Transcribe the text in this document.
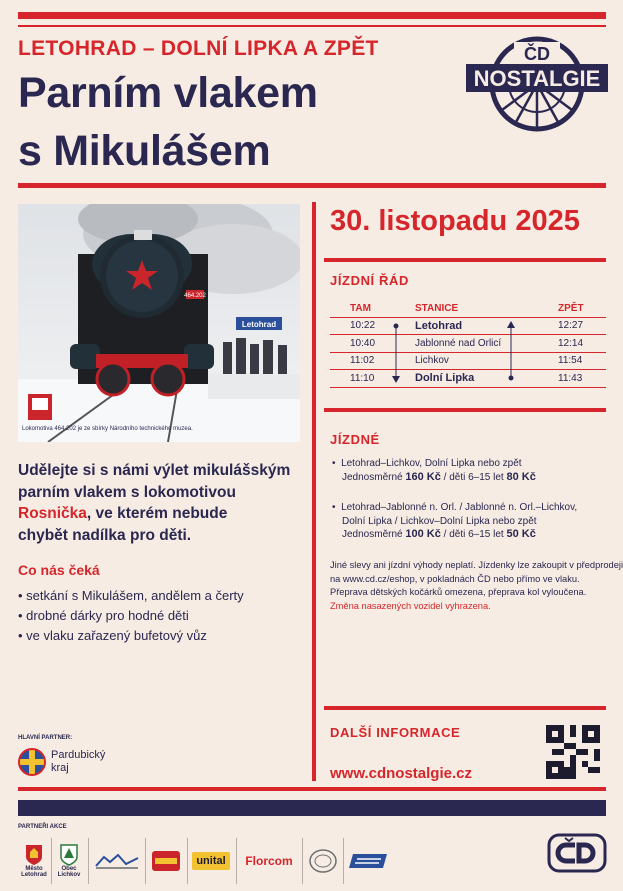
LETOHRAD – DOLNÍ LIPKA A ZPĚT
Parním vlakem
s Mikulášem
ČD
NOSTALGIE
Letohrad
464.202
Lokomotiva 464.202 je ze sbírky Národního technického muzea.
30. listopadu 2025
JÍZDNÍ ŘÁD
TAM		STANICE		ZPĚT
10:22		Letohrad		12:27
10:40		Jablonné nad Orlicí		12:14
11:02		Lichkov		11:54
11:10		Dolní Lipka		11:43
JÍZDNÉ
•  Letohrad–Lichkov, Dolní Lipka nebo zpět
Jednosměrné 160 Kč / děti 6–15 let 80 Kč
•  Letohrad–Jablonné n. Orl. / Jablonné n. Orl.–Lichkov,
Dolní Lipka / Lichkov–Dolní Lipka nebo zpět
Jednosměrné 100 Kč / děti 6–15 let 50 Kč
Jiné slevy ani jízdní výhody neplatí. Jízdenky lze zakoupit v předprodeji
na www.cd.cz/eshop, v pokladnách ČD nebo přímo ve vlaku.
Přeprava dětských kočárků omezena, přeprava kol vyloučena.
Změna nasazených vozidel vyhrazena.
DALŠÍ INFORMACE
www.cdnostalgie.cz
Udělejte si s námi výlet mikulášským
parním vlakem s lokomotivou
Rosnička, ve kterém nebude
chybět nadílka pro děti.
Co nás čeká
• setkání s Mikulášem, andělem a čerty
• drobné dárky pro hodné děti
• ve vlaku zařazený bufetový vůz
HLAVNÍ PARTNER:
Pardubický
kraj
PARTNEŘI AKCE
Město
Letohrad
Obec
Lichkov
unital	Florcom
